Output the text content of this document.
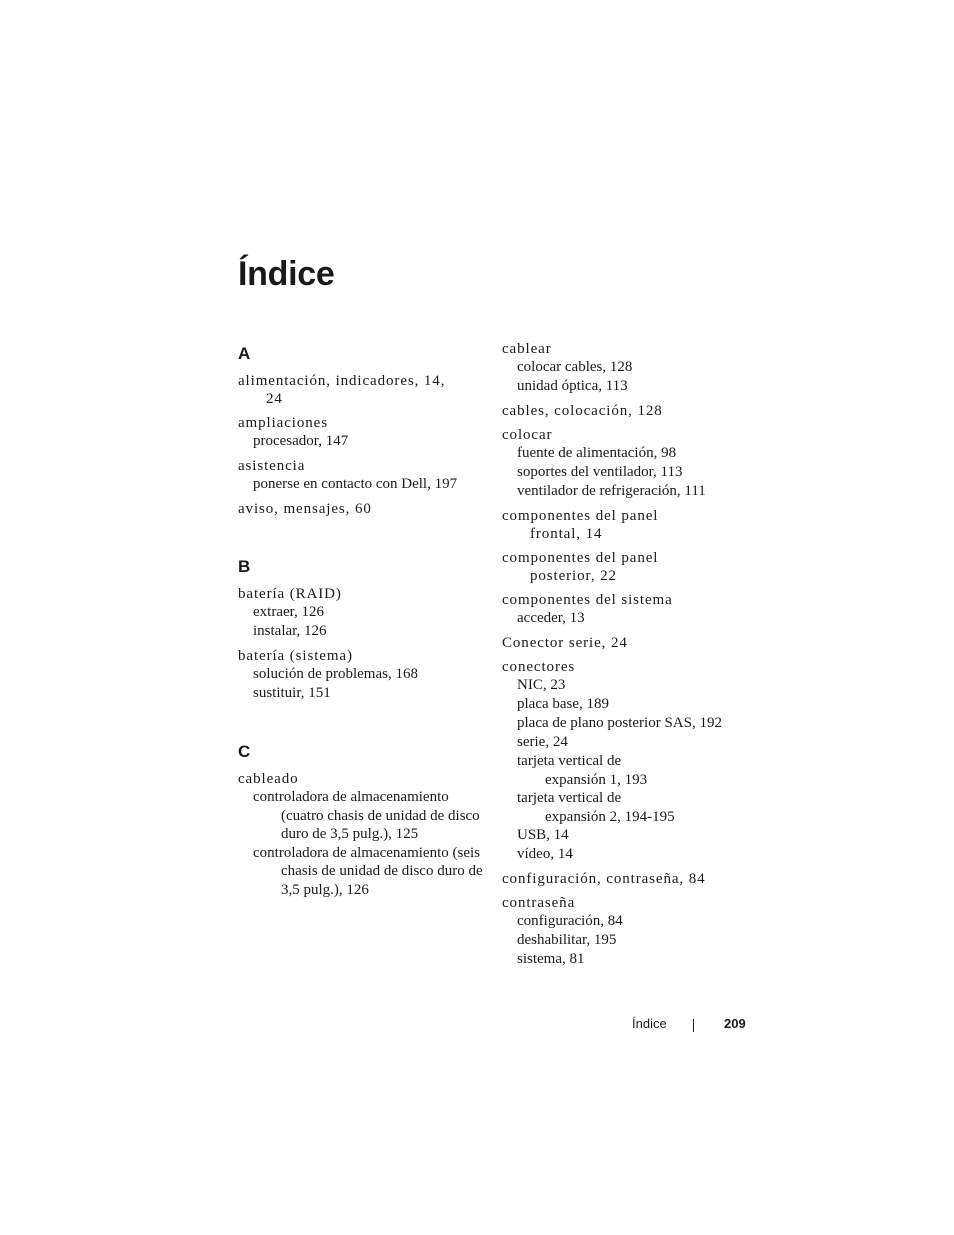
Índice
A
alimentación, indicadores, 14,
24
ampliaciones
procesador, 147
asistencia
ponerse en contacto con Dell, 197
aviso, mensajes, 60
B
batería (RAID)
extraer, 126
instalar, 126
batería (sistema)
solución de problemas, 168
sustituir, 151
C
cableado
controladora de almacenamiento (cuatro chasis de unidad de disco duro de 3,5 pulg.), 125
controladora de almacenamiento (seis chasis de unidad de disco duro de 3,5 pulg.), 126
cablear
colocar cables, 128
unidad óptica, 113
cables, colocación, 128
colocar
fuente de alimentación, 98
soportes del ventilador, 113
ventilador de refrigeración, 111
componentes del panel
frontal, 14
componentes del panel
posterior, 22
componentes del sistema
acceder, 13
Conector serie, 24
conectores
NIC, 23
placa base, 189
placa de plano posterior SAS, 192
serie, 24
tarjeta vertical de
expansión 1, 193
tarjeta vertical de
expansión 2, 194-195
USB, 14
vídeo, 14
configuración, contraseña, 84
contraseña
configuración, 84
deshabilitar, 195
sistema, 81
Índice	209
